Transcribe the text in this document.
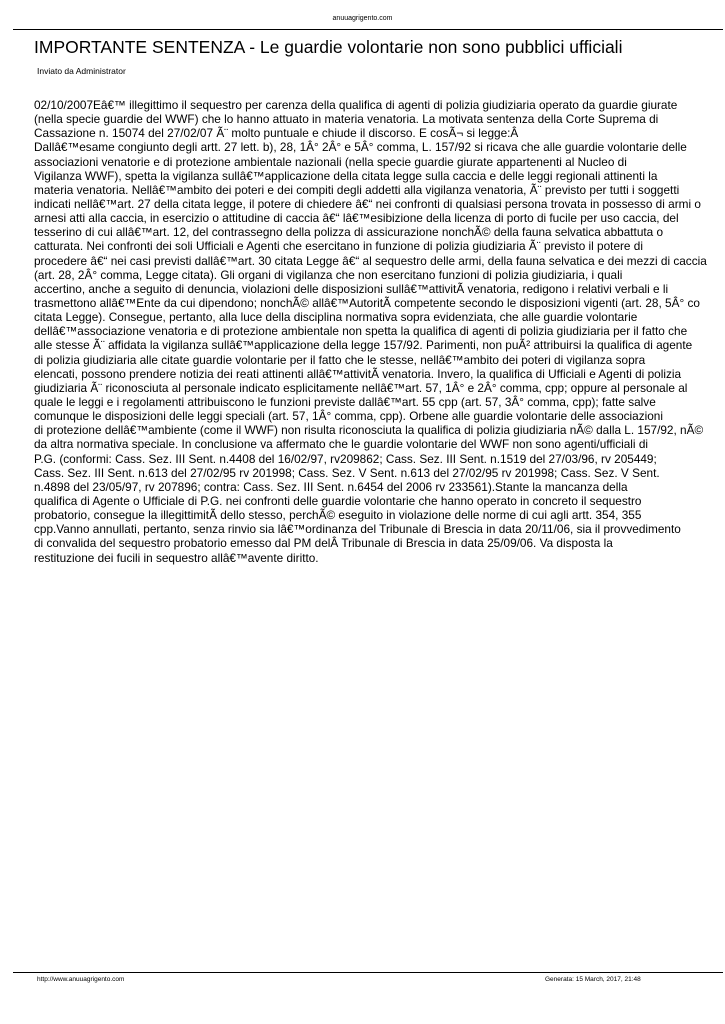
anuuagrigento.com
IMPORTANTE SENTENZA - Le guardie volontarie non sono pubblici ufficiali
Inviato da Administrator
02/10/2007Eâ€™ illegittimo il sequestro per carenza della qualifica di agenti di polizia giudiziaria operato da guardie giurate
(nella specie guardie del WWF) che lo hanno attuato in materia venatoria. La motivata sentenza della Corte Suprema di
Cassazione n. 15074 del 27/02/07 Ã¨ molto puntuale e chiude il discorso. E cosÃ¬ si legge:Â
Dallâ€™esame congiunto degli artt. 27 lett. b), 28, 1Â° 2Â° e 5Â° comma, L. 157/92 si ricava che alle guardie volontarie delle
associazioni venatorie e di protezione ambientale nazionali (nella specie guardie giurate appartenenti al Nucleo di
Vigilanza WWF), spetta la vigilanza sullâ€™applicazione della citata legge sulla caccia e delle leggi regionali attinenti la
materia venatoria. Nellâ€™ambito dei poteri e dei compiti degli addetti alla vigilanza venatoria, Ã¨ previsto per tutti i soggetti
indicati nellâ€™art. 27 della citata legge, il potere di chiedere â€“ nei confronti di qualsiasi persona trovata in possesso di armi o
arnesi atti alla caccia, in esercizio o attitudine di caccia â€“ lâ€™esibizione della licenza di porto di fucile per uso caccia, del
tesserino di cui allâ€™art. 12, del contrassegno della polizza di assicurazione nonchÃ© della fauna selvatica abbattuta o
catturata. Nei confronti dei soli Ufficiali e Agenti che esercitano in funzione di polizia giudiziaria Ã¨ previsto il potere di
procedere â€“ nei casi previsti dallâ€™art. 30 citata Legge â€“ al sequestro delle armi, della fauna selvatica e dei mezzi di caccia
(art. 28, 2Â° comma, Legge citata). Gli organi di vigilanza che non esercitano funzioni di polizia giudiziaria, i quali
accertino, anche a seguito di denuncia, violazioni delle disposizioni sullâ€™attivitÃ venatoria, redigono i relativi verbali e li
trasmettono allâ€™Ente da cui dipendono; nonchÃ© allâ€™AutoritÃ competente secondo le disposizioni vigenti (art. 28, 5Â° co
citata Legge). Consegue, pertanto, alla luce della disciplina normativa sopra evidenziata, che alle guardie volontarie
dellâ€™associazione venatoria e di protezione ambientale non spetta la qualifica di agenti di polizia giudiziaria per il fatto che
alle stesse Ã¨ affidata la vigilanza sullâ€™applicazione della legge 157/92. Parimenti, non puÃ² attribuirsi la qualifica di agente
di polizia giudiziaria alle citate guardie volontarie per il fatto che le stesse, nellâ€™ambito dei poteri di vigilanza sopra
elencati, possono prendere notizia dei reati attinenti allâ€™attivitÃ venatoria. Invero, la qualifica di Ufficiali e Agenti di polizia
giudiziaria Ã¨ riconosciuta al personale indicato esplicitamente nellâ€™art. 57, 1Â° e 2Â° comma, cpp; oppure al personale al
quale le leggi e i regolamenti attribuiscono le funzioni previste dallâ€™art. 55 cpp (art. 57, 3Â° comma, cpp); fatte salve
comunque le disposizioni delle leggi speciali (art. 57, 1Â° comma, cpp). Orbene alle guardie volontarie delle associazioni
di protezione dellâ€™ambiente (come il WWF) non risulta riconosciuta la qualifica di polizia giudiziaria nÃ© dalla L. 157/92, nÃ©
da altra normativa speciale. In conclusione va affermato che le guardie volontarie del WWF non sono agenti/ufficiali di
P.G. (conformi: Cass. Sez. III Sent. n.4408 del 16/02/97, rv209862; Cass. Sez. III Sent. n.1519 del 27/03/96, rv 205449;
Cass. Sez. III Sent. n.613 del 27/02/95 rv 201998; Cass. Sez. V Sent. n.613 del 27/02/95 rv 201998; Cass. Sez. V Sent.
n.4898 del 23/05/97, rv 207896; contra: Cass. Sez. III Sent. n.6454 del 2006 rv 233561).Stante la mancanza della
qualifica di Agente o Ufficiale di P.G. nei confronti delle guardie volontarie che hanno operato in concreto il sequestro
probatorio, consegue la illegittimitÃ dello stesso, perchÃ© eseguito in violazione delle norme di cui agli artt. 354, 355
cpp.Vanno annullati, pertanto, senza rinvio sia lâ€™ordinanza del Tribunale di Brescia in data 20/11/06, sia il provvedimento
di convalida del sequestro probatorio emesso dal PM delÂ Tribunale di Brescia in data 25/09/06. Va disposta la
restituzione dei fucili in sequestro allâ€™avente diritto.
http://www.anuuagrigento.com	Generata: 15 March, 2017, 21:48
